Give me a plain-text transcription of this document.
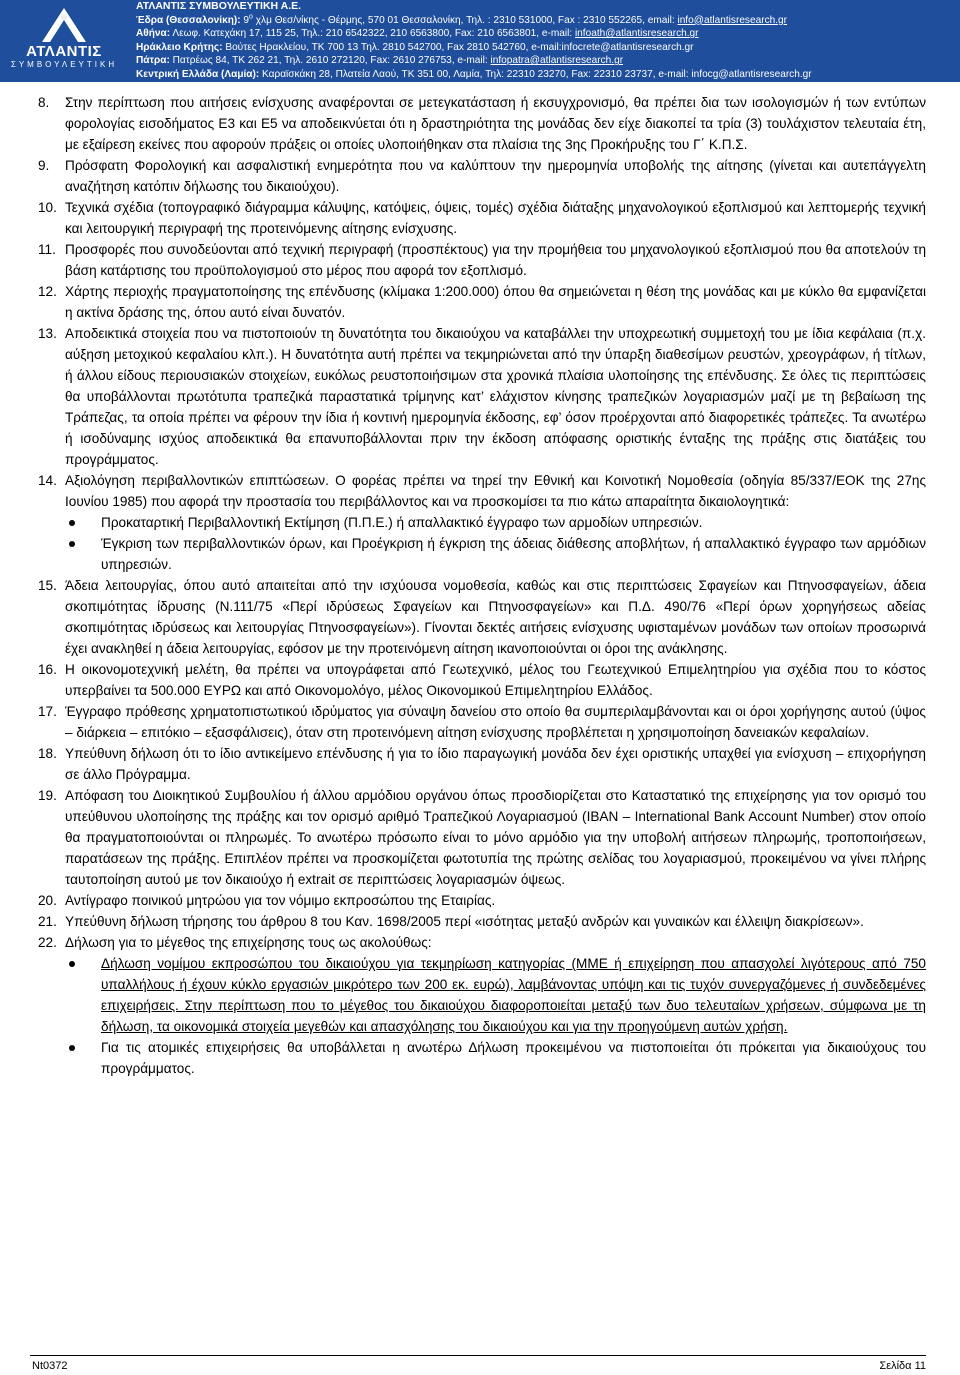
ΑΤΛΑΝΤΙΣ
ΣΥΜΒΟΥΛΕΥΤΙΚΗ
ΑΤΛΑΝΤΙΣ ΣΥΜΒΟΥΛΕΥΤΙΚΗ Α.Ε.
Έδρα (Θεσσαλονίκη): $9^o$ χλμ Θεσ/νίκης - Θέρμης, 570 01 Θεσσαλονίκη, Τηλ. : 2310 531000, Fax : 2310 552265, email: info@atlantisresearch.gr
Αθήνα: Λεωφ. Κατεχάκη 17, 115 25, Τηλ.: 210 6542322, 210 6563800, Fax: 210 6563801, e-mail: infoath@atlantisresearch.gr
Ηράκλειο Κρήτης: Βούτες Ηρακλείου, ΤΚ 700 13 Τηλ. 2810 542700, Fax 2810 542760, e-mail:infocrete@atlantisresearch.gr
Πάτρα: Πατρέως 84, ΤΚ 262 21, Τηλ. 2610 272120, Fax: 2610 276753, e-mail: infopatra@atlantisresearch.gr
Κεντρική Ελλάδα (Λαμία): Καραϊσκάκη 28, Πλατεία Λαού, ΤΚ 351 00, Λαμία, Τηλ: 22310 23270, Fax: 22310 23737, e-mail: infocg@atlantisresearch.gr
8. Στην περίπτωση που αιτήσεις ενίσχυσης αναφέρονται σε μετεγκατάσταση ή εκσυγχρονισμό, θα πρέπει δια των ισολογισμών ή των εντύπων φορολογίας εισοδήματος Ε3 και Ε5 να αποδεικνύεται ότι η δραστηριότητα της μονάδας δεν είχε διακοπεί τα τρία (3) τουλάχιστον τελευταία έτη, με εξαίρεση εκείνες που αφορούν πράξεις οι οποίες υλοποιήθηκαν στα πλαίσια της 3ης Προκήρυξης του Γ΄ Κ.Π.Σ.
9. Πρόσφατη Φορολογική και ασφαλιστική ενημερότητα που να καλύπτουν την ημερομηνία υποβολής της αίτησης (γίνεται και αυτεπάγγελτη αναζήτηση κατόπιν δήλωσης του δικαιούχου).
10. Τεχνικά σχέδια (τοπογραφικό διάγραμμα κάλυψης, κατόψεις, όψεις, τομές) σχέδια διάταξης μηχανολογικού εξοπλισμού και λεπτομερής τεχνική και λειτουργική περιγραφή της προτεινόμενης αίτησης ενίσχυσης.
11. Προσφορές που συνοδεύονται από τεχνική περιγραφή (προσπέκτους) για την προμήθεια του μηχανολογικού εξοπλισμού που θα αποτελούν τη βάση κατάρτισης του προϋπολογισμού στο μέρος που αφορά τον εξοπλισμό.
12. Χάρτης περιοχής πραγματοποίησης της επένδυσης (κλίμακα 1:200.000) όπου θα σημειώνεται η θέση της μονάδας και με κύκλο θα εμφανίζεται η ακτίνα δράσης της, όπου αυτό είναι δυνατόν.
13. Αποδεικτικά στοιχεία που να πιστοποιούν τη δυνατότητα του δικαιούχου να καταβάλλει την υποχρεωτική συμμετοχή του με ίδια κεφάλαια (π.χ. αύξηση μετοχικού κεφαλαίου κλπ.). Η δυνατότητα αυτή πρέπει να τεκμηριώνεται από την ύπαρξη διαθεσίμων ρευστών, χρεογράφων, ή τίτλων, ή άλλου είδους περιουσιακών στοιχείων, ευκόλως ρευστοποιήσιμων στα χρονικά πλαίσια υλοποίησης της επένδυσης. Σε όλες τις περιπτώσεις θα υποβάλλονται πρωτότυπα τραπεζικά παραστατικά τρίμηνης κατ’ ελάχιστον κίνησης τραπεζικών λογαριασμών μαζί με τη βεβαίωση της Τράπεζας, τα οποία πρέπει να φέρουν την ίδια ή κοντινή ημερομηνία έκδοσης, εφ’ όσον προέρχονται από διαφορετικές τράπεζες. Τα ανωτέρω ή ισοδύναμης ισχύος αποδεικτικά θα επανυποβάλλονται πριν την έκδοση απόφασης οριστικής ένταξης της πράξης στις διατάξεις του προγράμματος.
14. Αξιολόγηση περιβαλλοντικών επιπτώσεων. Ο φορέας πρέπει να τηρεί την Εθνική και Κοινοτική Νομοθεσία (οδηγία 85/337/ΕΟΚ της 27ης Ιουνίου 1985) που αφορά την προστασία του περιβάλλοντος και να προσκομίσει τα πιο κάτω απαραίτητα δικαιολογητικά:
Προκαταρτική Περιβαλλοντική Εκτίμηση (Π.Π.Ε.) ή απαλλακτικό έγγραφο των αρμοδίων υπηρεσιών.
Έγκριση των περιβαλλοντικών όρων, και Προέγκριση ή έγκριση της άδειας διάθεσης αποβλήτων, ή απαλλακτικό έγγραφο των αρμόδιων υπηρεσιών.
15. Άδεια λειτουργίας, όπου αυτό απαιτείται από την ισχύουσα νομοθεσία, καθώς και στις περιπτώσεις Σφαγείων και Πτηνοσφαγείων, άδεια σκοπιμότητας ίδρυσης (Ν.111/75 «Περί ιδρύσεως Σφαγείων και Πτηνοσφαγείων» και Π.Δ. 490/76 «Περί όρων χορηγήσεως αδείας σκοπιμότητας ιδρύσεως και λειτουργίας Πτηνοσφαγείων»). Γίνονται δεκτές αιτήσεις ενίσχυσης υφισταμένων μονάδων των οποίων προσωρινά έχει ανακληθεί η άδεια λειτουργίας, εφόσον με την προτεινόμενη αίτηση ικανοποιούνται οι όροι της ανάκλησης.
16. Η οικονομοτεχνική μελέτη, θα πρέπει να υπογράφεται από Γεωτεχνικό, μέλος του Γεωτεχνικού Επιμελητηρίου για σχέδια που το κόστος υπερβαίνει τα 500.000 ΕΥΡΩ και από Οικονομολόγο, μέλος Οικονομικού Επιμελητηρίου Ελλάδος.
17. Έγγραφο πρόθεσης χρηματοπιστωτικού ιδρύματος για σύναψη δανείου στο οποίο θα συμπεριλαμβάνονται και οι όροι χορήγησης αυτού (ύψος – διάρκεια – επιτόκιο – εξασφάλισεις), όταν στη προτεινόμενη αίτηση ενίσχυσης προβλέπεται η χρησιμοποίηση δανειακών κεφαλαίων.
18. Υπεύθυνη δήλωση ότι το ίδιο αντικείμενο επένδυσης ή για το ίδιο παραγωγική μονάδα δεν έχει οριστικής υπαχθεί για ενίσχυση – επιχορήγηση σε άλλο Πρόγραμμα.
19. Απόφαση του Διοικητικού Συμβουλίου ή άλλου αρμόδιου οργάνου όπως προσδιορίζεται στο Καταστατικό της επιχείρησης για τον ορισμό του υπεύθυνου υλοποίησης της πράξης και τον ορισμό αριθμό Τραπεζικού Λογαριασμού (IBAN – International Bank Account Number) στον οποίο θα πραγματοποιούνται οι πληρωμές. Το ανωτέρω πρόσωπο είναι το μόνο αρμόδιο για την υποβολή αιτήσεων πληρωμής, τροποποιήσεων, παρατάσεων της πράξης. Επιπλέον πρέπει να προσκομίζεται φωτοτυπία της πρώτης σελίδας του λογαριασμού, προκειμένου να γίνει πλήρης ταυτοποίηση αυτού με τον δικαιούχο ή extrait σε περιπτώσεις λογαριασμών όψεως.
20. Αντίγραφο ποινικού μητρώου για τον νόμιμο εκπροσώπου της Εταιρίας.
21. Υπεύθυνη δήλωση τήρησης του άρθρου 8 του Καν. 1698/2005 περί «ισότητας μεταξύ ανδρών και γυναικών και έλλειψη διακρίσεων».
22. Δήλωση για το μέγεθος της επιχείρησης τους ως ακολούθως:
Δήλωση νομίμου εκπροσώπου του δικαιούχου για τεκμηρίωση κατηγορίας (ΜΜΕ ή επιχείρηση που απασχολεί λιγότερους από 750 υπαλλήλους ή έχουν κύκλο εργασιών μικρότερο των 200 εκ. ευρώ), λαμβάνοντας υπόψη και τις τυχόν συνεργαζόμενες ή συνδεδεμένες επιχειρήσεις. Στην περίπτωση που το μέγεθος του δικαιούχου διαφοροποιείται μεταξύ των δυο τελευταίων χρήσεων, σύμφωνα με τη δήλωση, τα οικονομικά στοιχεία μεγεθών και απασχόλησης του δικαιούχου και για την προηγούμενη αυτών χρήση.
Για τις ατομικές επιχειρήσεις θα υποβάλλεται η ανωτέρω Δήλωση προκειμένου να πιστοποιείται ότι πρόκειται για δικαιούχους του προγράμματος.
Nt0372	Σελίδα 11
